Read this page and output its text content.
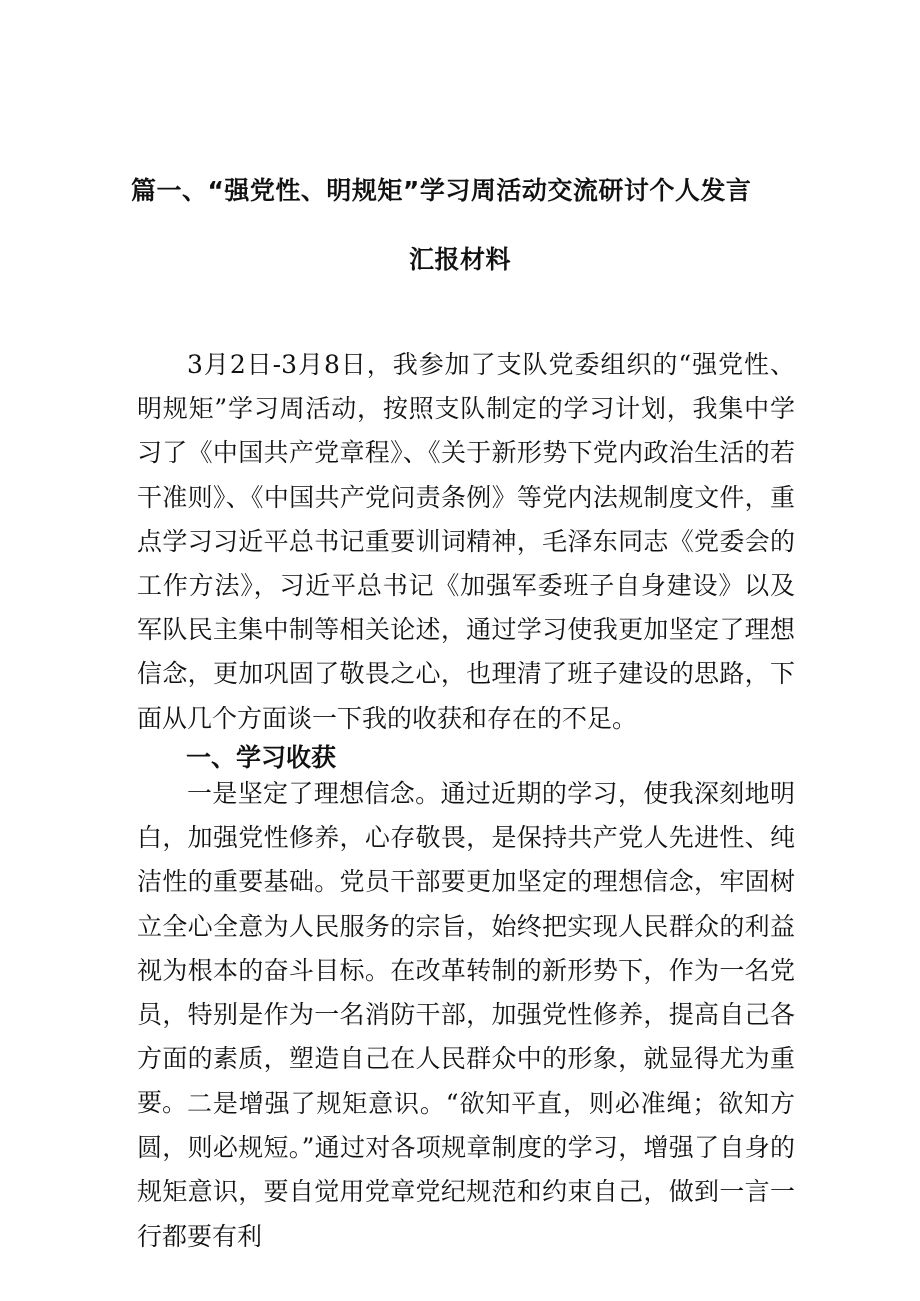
篇一、“强党性、明规矩”学习周活动交流研讨个人发言
汇报材料

3月2日-3月8日，我参加了支队党委组织的“强党性、明规矩”学习周活动，按照支队制定的学习计划，我集中学习了《中国共产党章程》、《关于新形势下党内政治生活的若干准则》、《中国共产党问责条例》等党内法规制度文件，重点学习习近平总书记重要训词精神，毛泽东同志《党委会的工作方法》，习近平总书记《加强军委班子自身建设》以及军队民主集中制等相关论述，通过学习使我更加坚定了理想信念，更加巩固了敬畏之心，也理清了班子建设的思路，下面从几个方面谈一下我的收获和存在的不足。

一、学习收获

一是坚定了理想信念。通过近期的学习，使我深刻地明白，加强党性修养，心存敬畏，是保持共产党人先进性、纯洁性的重要基础。党员干部要更加坚定的理想信念，牢固树立全心全意为人民服务的宗旨，始终把实现人民群众的利益视为根本的奋斗目标。在改革转制的新形势下，作为一名党员，特别是作为一名消防干部，加强党性修养，提高自己各方面的素质，塑造自己在人民群众中的形象，就显得尤为重要。 二是增强了规矩意识。“欲知平直，则必准绳；欲知方圆，则必规短。”通过对各项规章制度的学习，增强了自身的规矩意识，要自觉用党章党纪规范和约束自己，做到一言一行都要有利
